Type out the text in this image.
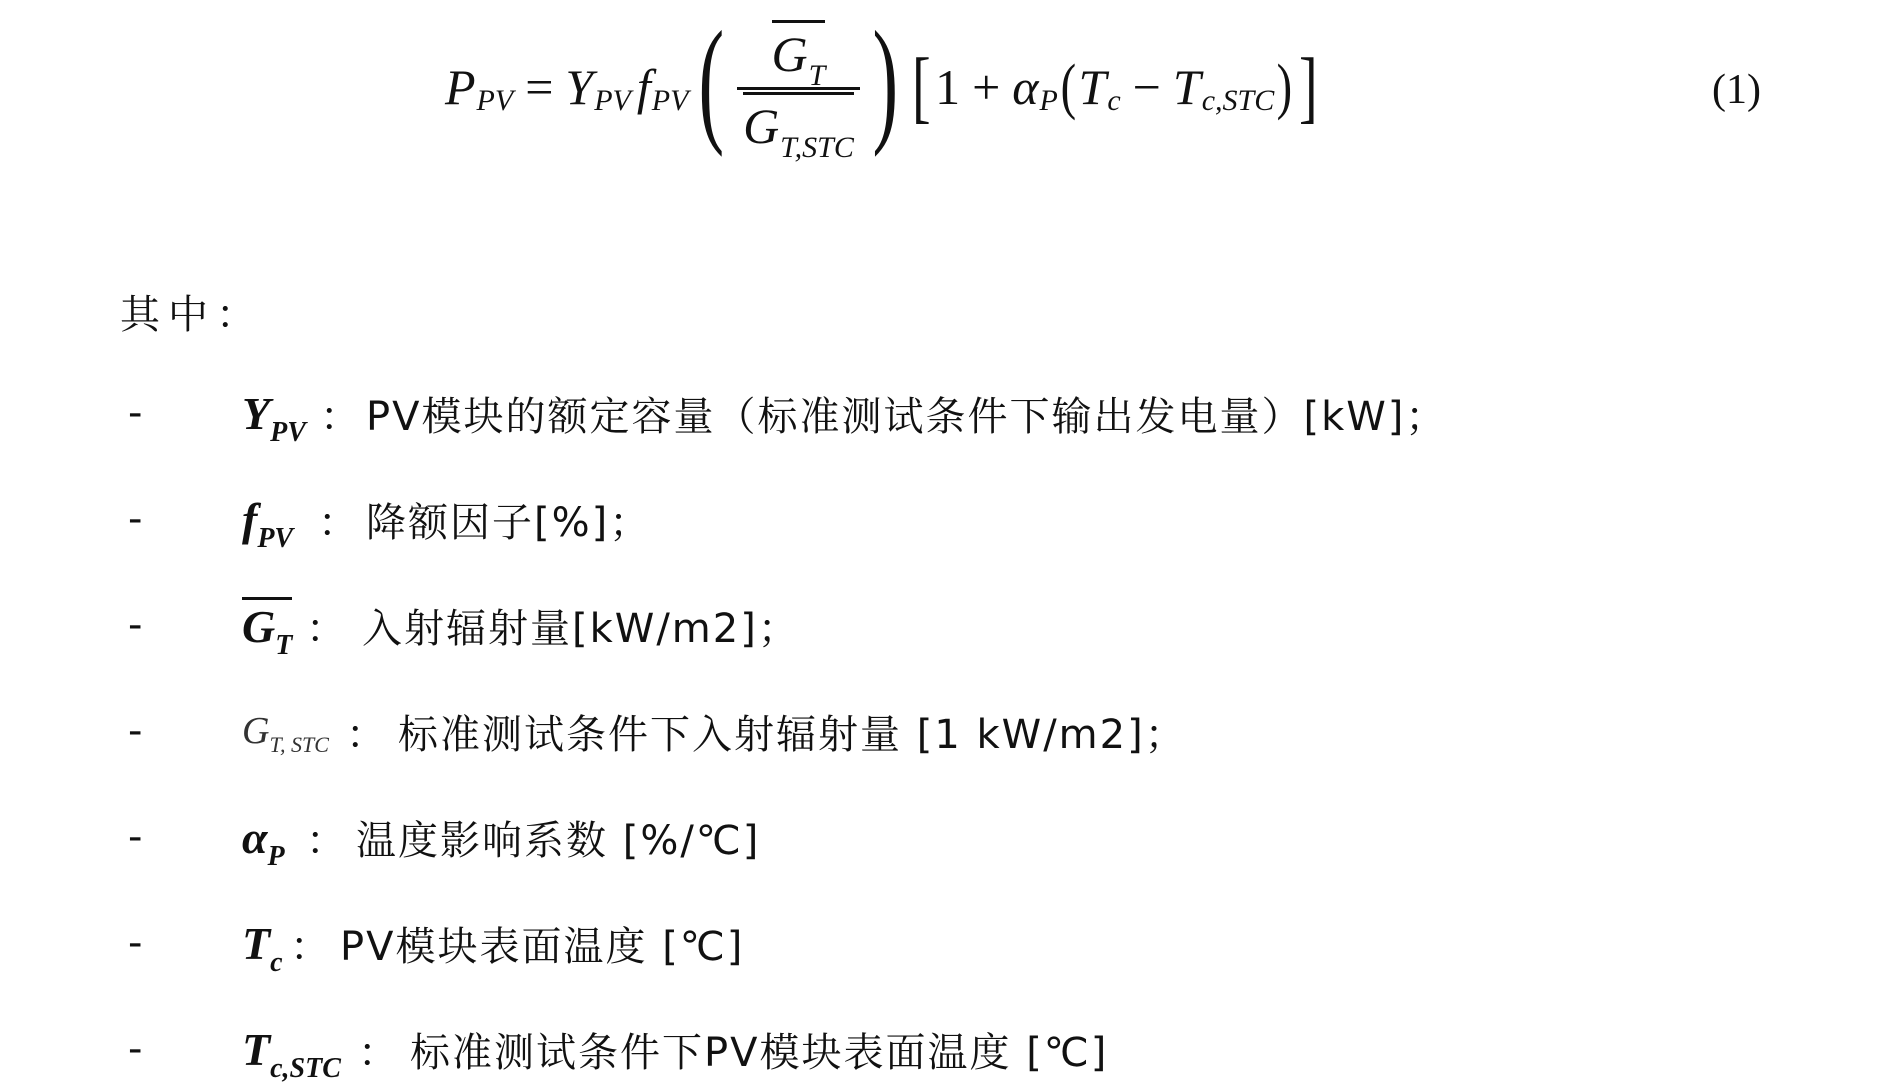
P PV = Y PV f PV ( $\frac{\text{G T}}{\text{G T,STC}}$ ) [ 1 + α P ( T c − T c,STC ) ]	(1)
其中：
- Y PV ： PV模块的额定容量（标准测试条件下输出发电量）[kW]；
- f PV ： 降额因子[%]；
- G T ： 入射辐射量[kW/m2]；
-	G T, STC ： 标准测试条件下入射辐射量 [1 kW/m2]；
- α P ： 温度影响系数 [%/℃]
- T c ： PV模块表面温度 [℃]
- T c,STC ： 标准测试条件下PV模块表面温度 [℃]
